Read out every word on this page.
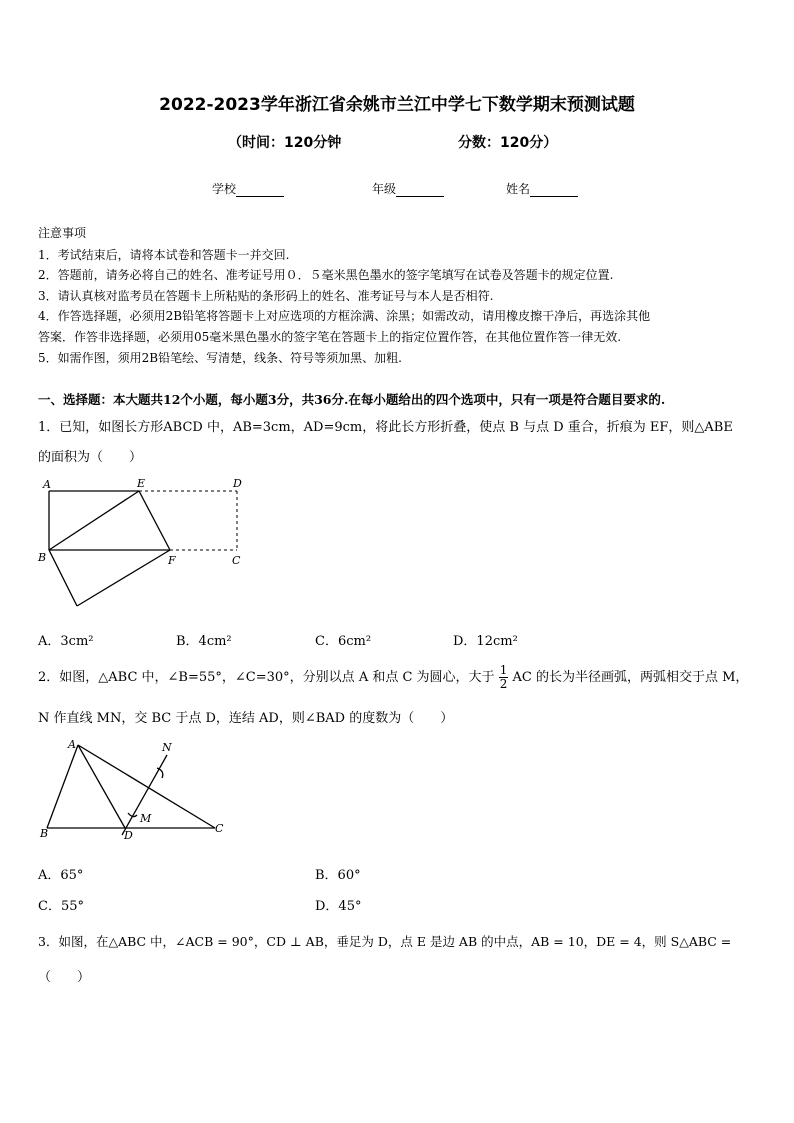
2022-2023学年浙江省余姚市兰江中学七下数学期末预测试题
（时间：120分钟	分数：120分）
学校	年级	姓名
注意事项
1．考试结束后，请将本试卷和答题卡一并交回.
2．答题前，请务必将自己的姓名、准考证号用０．５毫米黑色墨水的签字笔填写在试卷及答题卡的规定位置.
3．请认真核对监考员在答题卡上所粘贴的条形码上的姓名、准考证号与本人是否相符.
4．作答选择题，必须用2B铅笔将答题卡上对应选项的方框涂满、涂黑；如需改动，请用橡皮擦干净后，再选涂其他
答案．作答非选择题，必须用05毫米黑色墨水的签字笔在答题卡上的指定位置作答，在其他位置作答一律无效.
5．如需作图，须用2B铅笔绘、写清楚，线条、符号等须加黑、加粗.
一、选择题：本大题共12个小题，每小题3分，共36分.在每小题给出的四个选项中，只有一项是符合题目要求的.
1．已知，如图长方形ABCD 中，AB=3cm，AD=9cm，将此长方形折叠，使点 B 与点 D 重合，折痕为 EF，则△ABE
的面积为（　　）
A	E	D
B	F	C
A．3cm²	B．4cm²	C．6cm²	D．12cm²
2．如图，△ABC 中，∠B=55°，∠C=30°，分别以点 A 和点 C 为圆心，大于 $\frac{1}{2}$ AC 的长为半径画弧，两弧相交于点 M，
N 作直线 MN，交 BC 于点 D，连结 AD，则∠BAD 的度数为（　　）
A	N
M
B	D
C
A．65°	B．60°
C．55°	D．45°
3．如图，在△ABC 中，∠ACB = 90°，CD ⊥ AB，垂足为 D，点 E 是边 AB 的中点，AB = 10，DE = 4，则 S△ABC =
（　　）
